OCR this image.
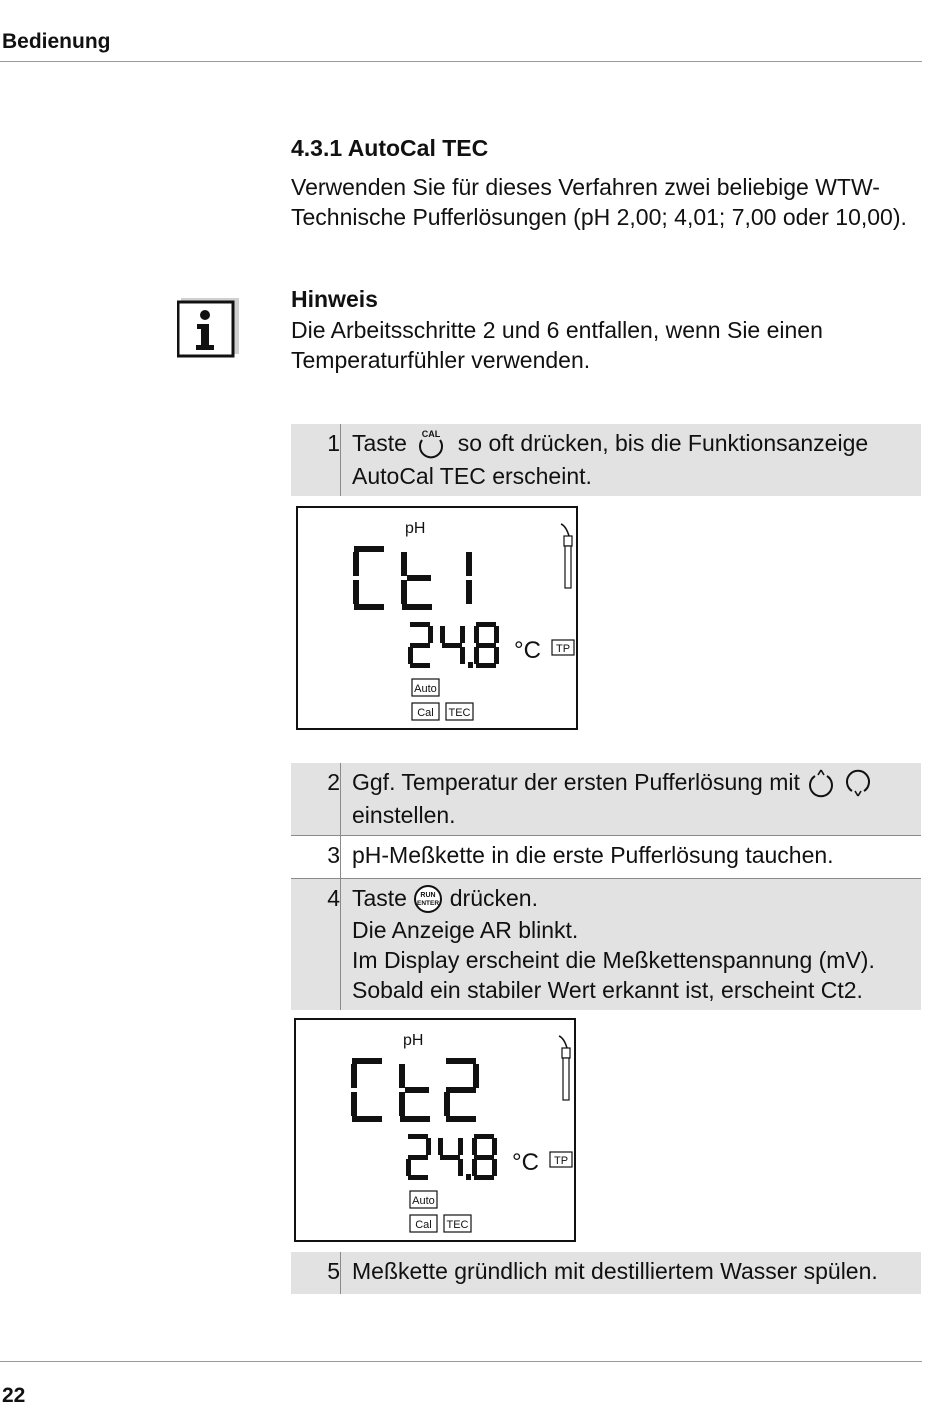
Bedienung
4.3.1 AutoCal TEC
Verwenden Sie für dieses Verfahren zwei beliebige WTW-Technische Pufferlösungen (pH 2,00; 4,01; 7,00 oder 10,00).
Hinweis
Die Arbeitsschritte 2 und 6 entfallen, wenn Sie einen Temperaturfühler verwenden.
1 Taste CAL so oft drücken, bis die Funktionsanzeige AutoCal TEC erscheint.
pH
°C TP
Auto
Cal TEC
2 Ggf. Temperatur der ersten Pufferlösung mit   einstellen.
3 pH-Meßkette in die erste Pufferlösung tauchen.
4 Taste RUN
ENTER drücken.
Die Anzeige AR blinkt.
Im Display erscheint die Meßkettenspannung (mV).
Sobald ein stabiler Wert erkannt ist, erscheint Ct2.
pH
°C TP
Auto
Cal TEC
5 Meßkette gründlich mit destilliertem Wasser spülen.
22
